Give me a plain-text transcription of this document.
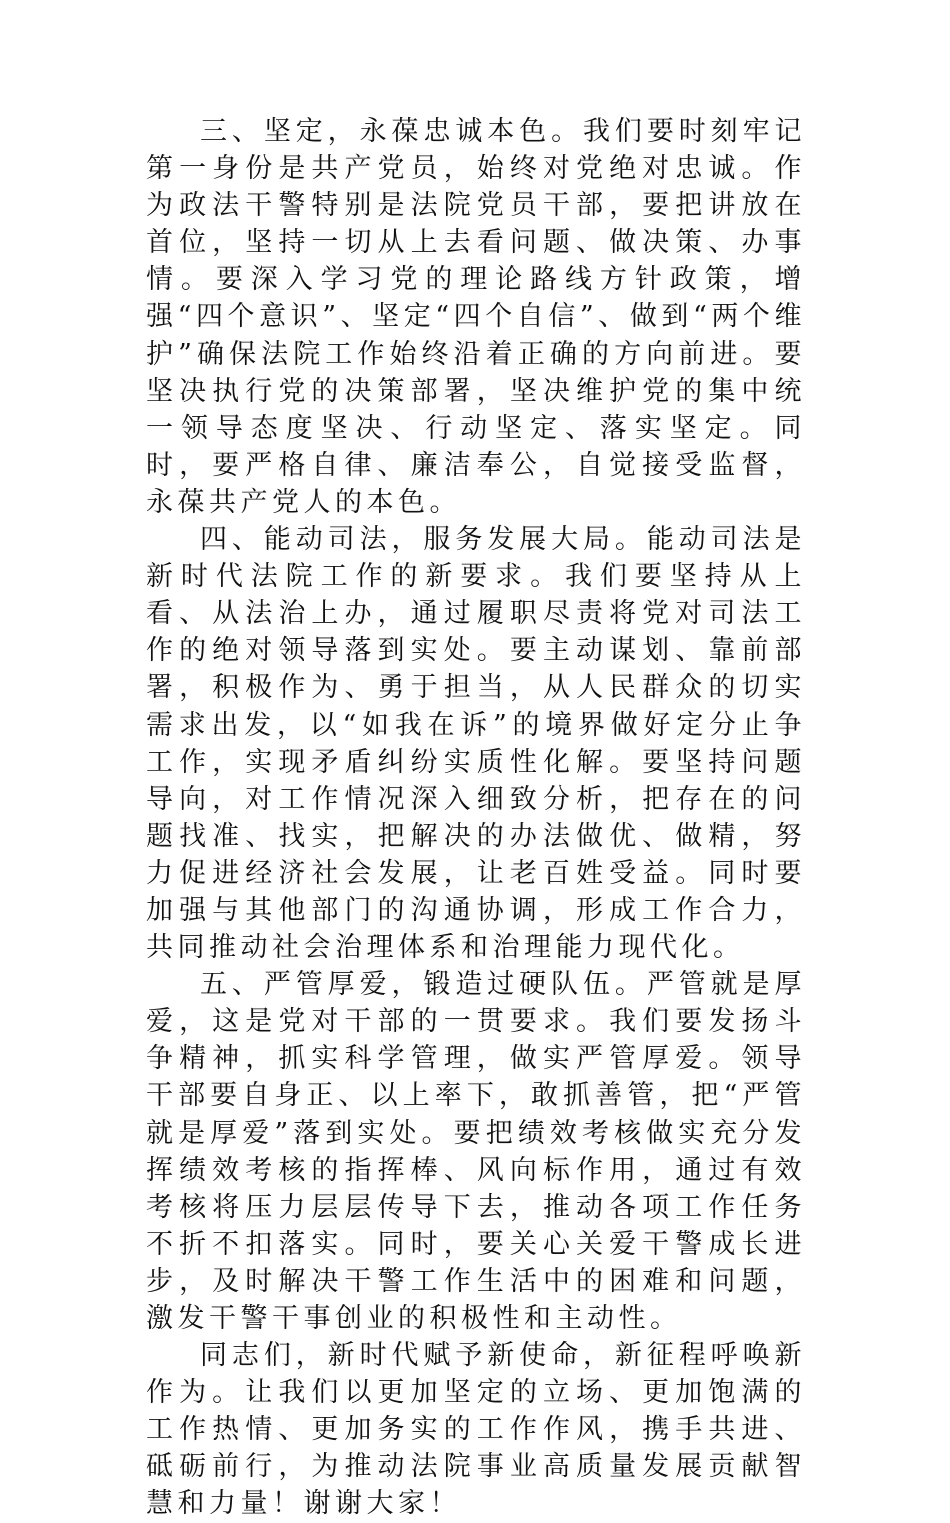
三、坚定，永葆忠诚本色。我们要时刻牢记第一身份是共产党员，始终对党绝对忠诚。作为政法干警特别是法院党员干部，要把讲放在首位，坚持一切从上去看问题、做决策、办事情。要深入学习党的理论路线方针政策，增强“四个意识”、坚定“四个自信”、做到“两个维护”确保法院工作始终沿着正确的方向前进。要坚决执行党的决策部署，坚决维护党的集中统一领导态度坚决、行动坚定、落实坚定。同时，要严格自律、廉洁奉公，自觉接受监督，永葆共产党人的本色。

四、能动司法，服务发展大局。能动司法是新时代法院工作的新要求。我们要坚持从上看、从法治上办，通过履职尽责将党对司法工作的绝对领导落到实处。要主动谋划、靠前部署，积极作为、勇于担当，从人民群众的切实需求出发，以“如我在诉”的境界做好定分止争工作，实现矛盾纠纷实质性化解。要坚持问题导向，对工作情况深入细致分析，把存在的问题找准、找实，把解决的办法做优、做精，努力促进经济社会发展，让老百姓受益。同时要加强与其他部门的沟通协调，形成工作合力，共同推动社会治理体系和治理能力现代化。

五、严管厚爱，锻造过硬队伍。严管就是厚爱，这是党对干部的一贯要求。我们要发扬斗争精神，抓实科学管理，做实严管厚爱。领导干部要自身正、以上率下，敢抓善管，把“严管就是厚爱”落到实处。要把绩效考核做实充分发挥绩效考核的指挥棒、风向标作用，通过有效考核将压力层层传导下去，推动各项工作任务不折不扣落实。同时，要关心关爱干警成长进步，及时解决干警工作生活中的困难和问题，激发干警干事创业的积极性和主动性。

同志们，新时代赋予新使命，新征程呼唤新作为。让我们以更加坚定的立场、更加饱满的工作热情、更加务实的工作作风，携手共进、砥砺前行，为推动法院事业高质量发展贡献智慧和力量！谢谢大家！
